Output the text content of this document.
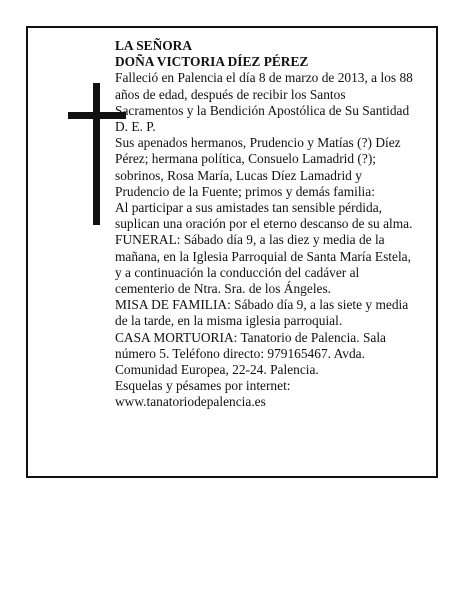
LA SEÑORA
DOÑA VICTORIA DÍEZ PÉREZ
Falleció en Palencia el día 8 de marzo de 2013, a los 88
años de edad, después de recibir los Santos
Sacramentos y la Bendición Apostólica de Su Santidad
D. E. P.
Sus apenados hermanos, Prudencio y Matías (?) Díez
Pérez; hermana política, Consuelo Lamadrid (?);
sobrinos, Rosa María, Lucas Díez Lamadrid y
Prudencio de la Fuente; primos y demás familia:
Al participar a sus amistades tan sensible pérdida,
suplican una oración por el eterno descanso de su alma.
FUNERAL: Sábado día 9, a las diez y media de la
mañana, en la Iglesia Parroquial de Santa María Estela,
y a continuación la conducción del cadáver al
cementerio de Ntra. Sra. de los Ángeles.
MISA DE FAMILIA: Sábado día 9, a las siete y media
de la tarde, en la misma iglesia parroquial.
CASA MORTUORIA: Tanatorio de Palencia. Sala
número 5. Teléfono directo: 979165467. Avda.
Comunidad Europea, 22-24. Palencia.
Esquelas y pésames por internet:
www.tanatoriodepalencia.es
